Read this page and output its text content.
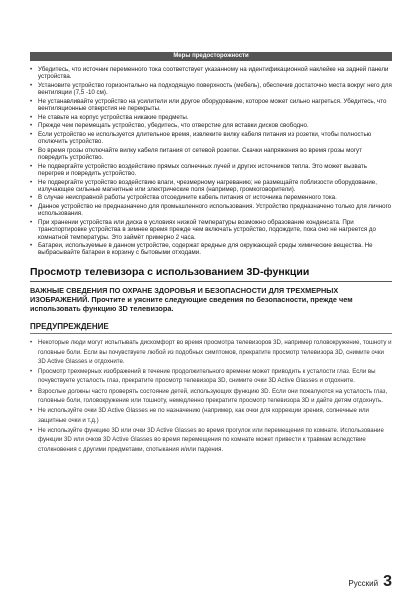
Меры предосторожности
• Убедитесь, что источник переменного тока соответствует указанному на идентификационной наклейке на задней панели устройства.
• Установите устройство горизонтально на подходящую поверхность (мебель), обеспечив достаточно места вокруг него для вентиляции (7,5 -10 см).
• Не устанавливайте устройство на усилители или другое оборудование, которое может сильно нагреться. Убедитесь, что вентиляционные отверстия не перекрыты.
• Не ставьте на корпус устройства никакие предметы.
• Прежде чем перемещать устройство, убедитесь, что отверстие для вставки дисков свободно.
• Если устройство не используется длительное время, извлеките вилку кабеля питания из розетки, чтобы полностью отключить устройство.
• Во время грозы отключайте вилку кабеля питания от сетевой розетки. Скачки напряжения во время грозы могут повредить устройство.
• Не подвергайте устройство воздействию прямых солнечных лучей и других источников тепла. Это может вызвать перегрев и повредить устройство.
• Не подвергайте устройство воздействию влаги, чрезмерному нагреванию; не размещайте поблизости оборудование, излучающее сильные магнитные или электрические поля (например, громкоговорители).
• В случае неисправной работы устройства отсоедините кабель питания от источника переменного тока.
• Данное устройство не предназначено для промышленного использования. Устройство предназначено только для личного использования.
• При хранении устройства или диска в условиях низкой температуры возможно образование конденсата. При транспортировке устройства в зимнее время прежде чем включать устройство, подождите, пока оно не нагреется до комнатной температуры. Это займёт примерно 2 часа.
• Батареи, используемые в данном устройстве, содержат вредные для окружающей среды химические вещества. Не выбрасывайте батареи в корзину с бытовыми отходами.
Просмотр телевизора с использованием 3D-функции
ВАЖНЫЕ СВЕДЕНИЯ ПО ОХРАНЕ ЗДОРОВЬЯ И БЕЗОПАСНОСТИ ДЛЯ ТРЕХМЕРНЫХ ИЗОБРАЖЕНИЙ. Прочтите и уясните следующие сведения по безопасности, прежде чем использовать функцию 3D телевизора.
ПРЕДУПРЕЖДЕНИЕ
• Некоторые люди могут испытывать дискомфорт во время просмотра телевизоров 3D, например головокружение, тошноту и головные боли. Если вы почувствуете любой из подобных симптомов, прекратите просмотр телевизора 3D, снимите очки 3D Active Glasses и отдохните.
• Просмотр трехмерных изображений в течение продолжительного времени может приводить к усталости глаз. Если вы почувствуете усталость глаз, прекратите просмотр телевизора 3D, снимите очки 3D Active Glasses и отдохните.
• Взрослые должны часто проверять состояние детей, использующих функцию 3D. Если они пожалуются на усталость глаз, головные боли, головокружение или тошноту, немедленно прекратите просмотр телевизора 3D и дайте детям отдохнуть.
• Не используйте очки 3D Active Glasses не по назначению (например, как очки для коррекции зрения, солнечные или защитные очки и т.д.)
• Не используйте функцию 3D или очки 3D Active Glasses во время прогулок или перемещения по комнате. Использование функции 3D или очков 3D Active Glasses во время перемещения по комнате может привести к травмам вследствие столкновения с другими предметами, спотыкания и/или падения.
Русский 3
